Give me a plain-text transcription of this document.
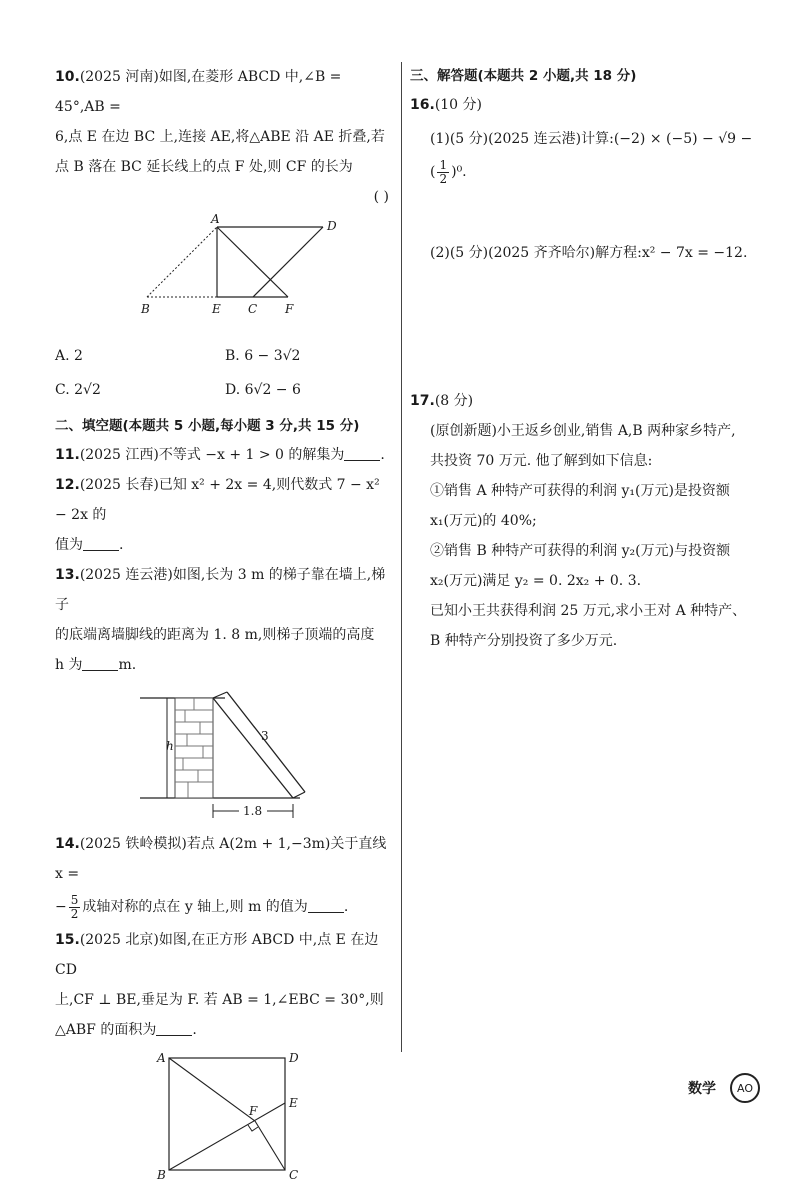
10.(2025 河南)如图,在菱形 ABCD 中,∠B = 45°,AB =

6,点 E 在边 BC 上,连接 AE,将△ABE 沿 AE 折叠,若

点 B 落在 BC 延长线上的点 F 处,则 CF 的长为

( )

A	D
B	E C F
A. 2	B. 6 − 3√2
C. 2√2	D. 6√2 − 6

二、填空题(本题共 5 小题,每小题 3 分,共 15 分)

11.(2025 江西)不等式 −x + 1 > 0 的解集为	.

12.(2025 长春)已知 x² + 2x = 4,则代数式 7 − x² − 2x 的

值为	.

13.(2025 连云港)如图,长为 3 m 的梯子靠在墙上,梯子

的底端离墙脚线的距离为 1. 8 m,则梯子顶端的高度

h 为	m.

h
3
1.8

14.(2025 铁岭模拟)若点 A(2m + 1,−3m)关于直线 x =

− $\frac{5}{2}$ 成轴对称的点在 y 轴上,则 m 的值为	.

15.(2025 北京)如图,在正方形 ABCD 中,点 E 在边 CD

上,CF ⊥ BE,垂足为 F. 若 AB = 1,∠EBC = 30°,则

△ABF 的面积为	.

A	D
E
F
B	C

三、解答题(本题共 2 小题,共 18 分)

16.(10 分)

(1)(5 分)(2025 连云港)计算:(−2) × (−5) − √9 −

( $\frac{1}{2} )^0$.

(2)(5 分)(2025 齐齐哈尔)解方程:x² − 7x = −12.

17.(8 分)

(原创新题)小王返乡创业,销售 A,B 两种家乡特产,

共投资 70 万元. 他了解到如下信息:

①销售 A 种特产可获得的利润 y₁(万元)是投资额

x₁(万元)的 40%;

②销售 B 种特产可获得的利润 y₂(万元)与投资额

x₂(万元)满足 y₂ = 0. 2x₂ + 0. 3.

已知小王共获得利润 25 万元,求小王对 A 种特产、

B 种特产分别投资了多少万元.

数学	AO
